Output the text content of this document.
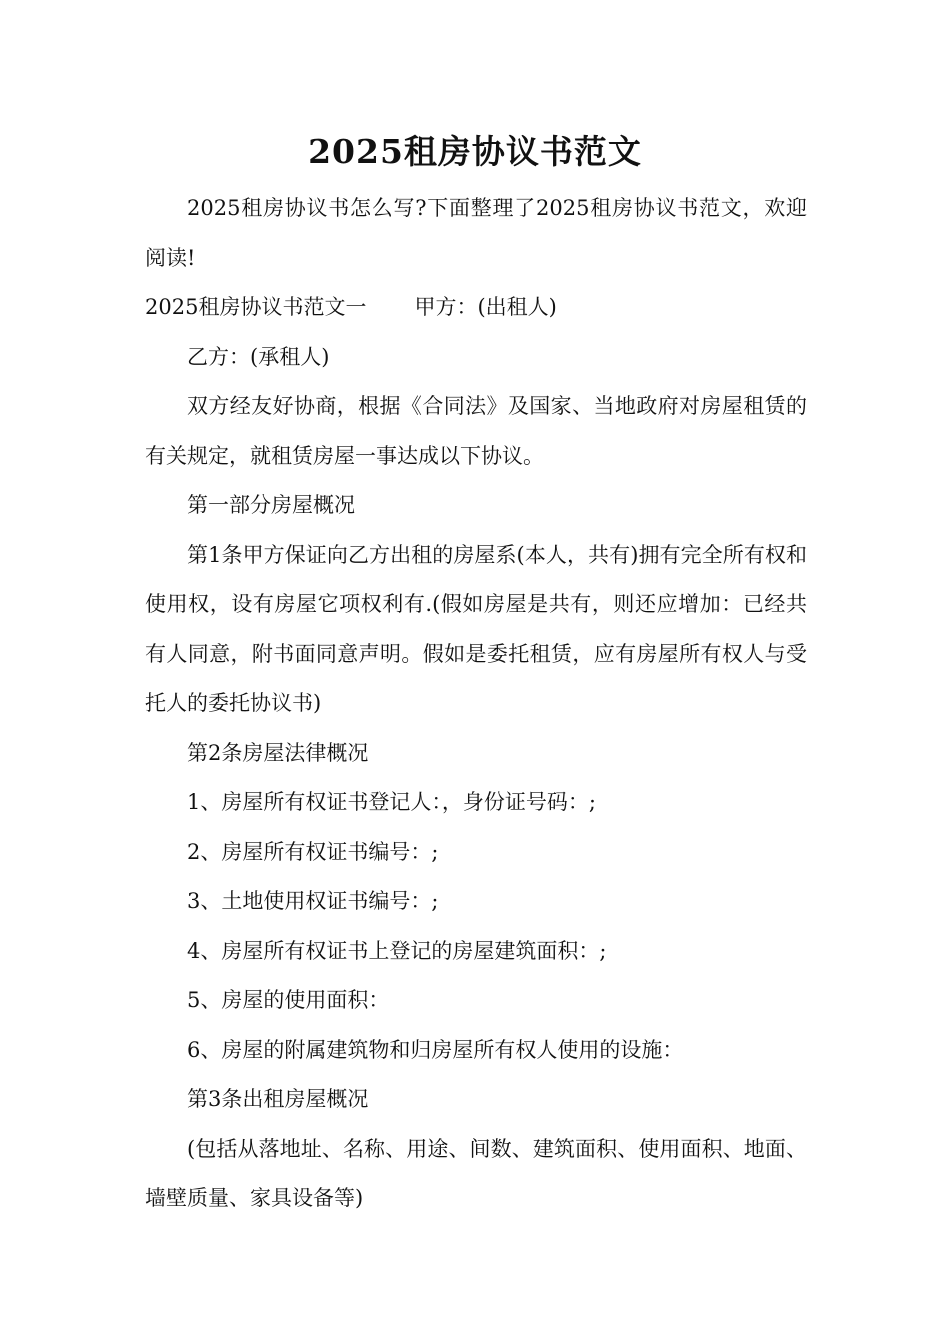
2025租房协议书范文

2025租房协议书怎么写?下面整理了2025租房协议书范文，欢迎阅读!

2025租房协议书范文一 甲方：(出租人)

乙方：(承租人)

双方经友好协商，根据《合同法》及国家、当地政府对房屋租赁的有关规定，就租赁房屋一事达成以下协议。

第一部分房屋概况

第1条甲方保证向乙方出租的房屋系(本人，共有)拥有完全所有权和使用权，设有房屋它项权利有.(假如房屋是共有，则还应增加：已经共有人同意，附书面同意声明。假如是委托租赁，应有房屋所有权人与受托人的委托协议书)

第2条房屋法律概况

1、房屋所有权证书登记人：，身份证号码：;

2、房屋所有权证书编号：;

3、土地使用权证书编号：;

4、房屋所有权证书上登记的房屋建筑面积：;

5、房屋的使用面积：

6、房屋的附属建筑物和归房屋所有权人使用的设施：

第3条出租房屋概况

(包括从落地址、名称、用途、间数、建筑面积、使用面积、地面、墙壁质量、家具设备等)
